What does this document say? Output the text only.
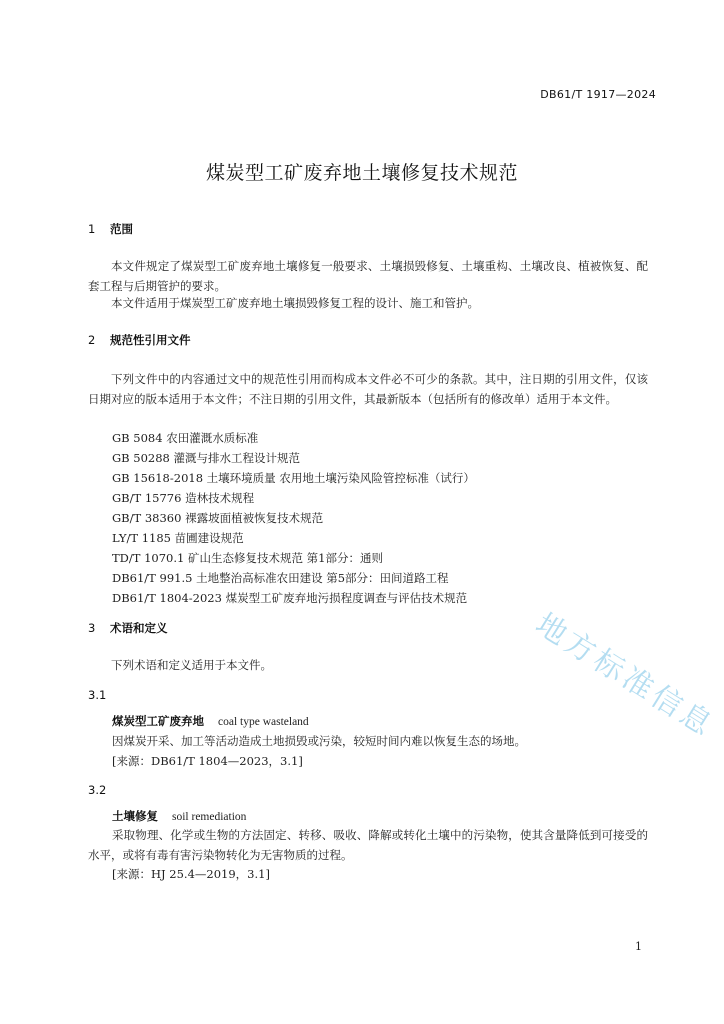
DB61/T 1917—2024
煤炭型工矿废弃地土壤修复技术规范
1 范围
本文件规定了煤炭型工矿废弃地土壤修复一般要求、土壤损毁修复、土壤重构、土壤改良、植被恢复、配套工程与后期管护的要求。
本文件适用于煤炭型工矿废弃地土壤损毁修复工程的设计、施工和管护。
2 规范性引用文件
下列文件中的内容通过文中的规范性引用而构成本文件必不可少的条款。其中，注日期的引用文件，仅该日期对应的版本适用于本文件；不注日期的引用文件，其最新版本（包括所有的修改单）适用于本文件。
GB 5084 农田灌溉水质标准
GB 50288 灌溉与排水工程设计规范
GB 15618-2018 土壤环境质量 农用地土壤污染风险管控标准（试行）
GB/T 15776 造林技术规程
GB/T 38360 裸露坡面植被恢复技术规范
LY/T 1185 苗圃建设规范
TD/T 1070.1 矿山生态修复技术规范 第1部分：通则
DB61/T 991.5 土地整治高标准农田建设 第5部分：田间道路工程
DB61/T 1804-2023 煤炭型工矿废弃地污损程度调查与评估技术规范
3 术语和定义
下列术语和定义适用于本文件。
3.1
煤炭型工矿废弃地 coal type wasteland
因煤炭开采、加工等活动造成土地损毁或污染，较短时间内难以恢复生态的场地。
[来源：DB61/T 1804—2023，3.1]
3.2
土壤修复 soil remediation
采取物理、化学或生物的方法固定、转移、吸收、降解或转化土壤中的污染物，使其含量降低到可接受的水平，或将有毒有害污染物转化为无害物质的过程。
[来源：HJ 25.4—2019，3.1]
1
地方标准信息
